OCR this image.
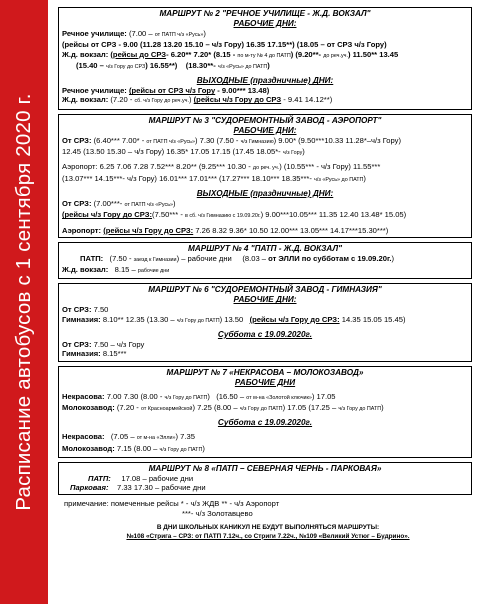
Расписание автобусов с 1 сентября 2020 г.
МАРШРУТ № 2 "РЕЧНОЕ УЧИЛИЩЕ - Ж.Д. ВОКЗАЛ"
РАБОЧИЕ ДНИ:
Речное училище: (7.00 – от ПАТП ч/з «Русь»)
(рейсы от СРЗ - 9.00 (11.28 13.20 15.10 – ч/з Гору) 16.35 17.15**) (18.05 – от СРЗ ч/з Гору)
Ж.д. вокзал: (рейсы до СРЗ- 6.20** 7.20* (8.15 - по м-ту № 4 до ПАТП) (9.20**- до реч.уч.) 11.50** 13.45
(15.40 – ч/з Гору до СРЗ) 16.55**) (18.30**- ч/з «Русь» до ПАТП)
ВЫХОДНЫЕ (праздничные) ДНИ:
Речное училище: (рейсы от СРЗ ч/з Гору - 9.00*** 13.48)
Ж.д. вокзал: (7.20 - сб. ч/з Гору до реч.уч.) (рейсы ч/з Гору до СРЗ - 9.41 14.12**)
МАРШРУТ № 3 "СУДОРЕМОНТНЫЙ ЗАВОД - АЭРОПОРТ"
РАБОЧИЕ ДНИ:
От СРЗ: (6.40*** 7.00* - от ПАТП ч/з «Русь») 7.30 (7.50 - ч/з Гимназию) 9.00* (9.50***10.33 11.28*–ч/з Гору)
12.45 (13.50 15.30 – ч/з Гору) 16.35* 17.05 17.15 (17.45 18.05*- ч/з Гору)
Аэропорт: 6.25 7.06 7.28 7.52*** 8.20** (9.25*** 10.30 - до реч. уч.) (10.55*** - ч/з Гору) 11.55***
(13.07*** 14.15***- ч/з Гору) 16.01*** 17.01*** (17.27*** 18.10*** 18.35***- ч/з «Русь» до ПАТП)
ВЫХОДНЫЕ (праздничные) ДНИ:
От СРЗ: (7.00***- от ПАТП ч/з «Русь»)
(рейсы ч/з Гору до СРЗ:(7.50*** - в сб. ч/з Гимназию с 19.09.20г.) 9.00***10.05*** 11.35 12.40 13.48* 15.05)
Аэропорт: (рейсы ч/з Гору до СРЗ: 7.26 8.32 9.36* 10.50 12.00*** 13.05*** 14.17***15.30***)
МАРШРУТ № 4 "ПАТП - Ж.Д. ВОКЗАЛ"
ПАТП: (7.50 - заезд к Гимназии) – рабочие дни (8.03 – от ЭЛЛИ по субботам с 19.09.20г.)
Ж.д. вокзал: 8.15 – рабочие дни
МАРШРУТ № 6 "СУДОРЕМОНТНЫЙ ЗАВОД - ГИМНАЗИЯ"
РАБОЧИЕ ДНИ:
От СРЗ: 7.50
Гимназия: 8.10** 12.35 (13.30 – ч/з Гору до ПАТП) 13.50 (рейсы ч/з Гору до СРЗ: 14.35 15.05 15.45)
Суббота с 19.09.2020г.
От СРЗ: 7.50 – ч/з Гору
Гимназия: 8.15***
МАРШРУТ № 7 «НЕКРАСОВА – МОЛОКОЗАВОД»
РАБОЧИЕ ДНИ
Некрасова: 7.00 7.30 (8.00 - ч/з Гору до ПАТП) (16.50 – от м-на «Золотой ключик») 17.05
Молокозавод: (7.20 - от Красноармейской) 7.25 (8.00 – ч/з Гору до ПАТП) 17.05 (17.25 – ч/з Гору до ПАТП)
Суббота с 19.09.2020г.
Некрасова: (7.05 – от м-на «Элли») 7.35
Молокозавод: 7.15 (8.00 – ч/з Гору до ПАТП)
МАРШРУТ № 8 «ПАТП – СЕВЕРНАЯ ЧЕРНЬ - ПАРКОВАЯ»
ПАТП: 17.08 – рабочие дни
Парковая: 7.33 17.30 – рабочие дни
примечание: помеченные рейсы * - ч/з ЖДВ ** - ч/з Аэропорт
***- ч/з Золотавцево
В ДНИ ШКОЛЬНЫХ КАНИКУЛ НЕ БУДУТ ВЫПОЛНЯТЬСЯ МАРШРУТЫ:
№108 «Стрига – СРЗ: от ПАТП 7.12ч., со Стриги 7.22ч., №109 «Великий Устюг – Будрино».
